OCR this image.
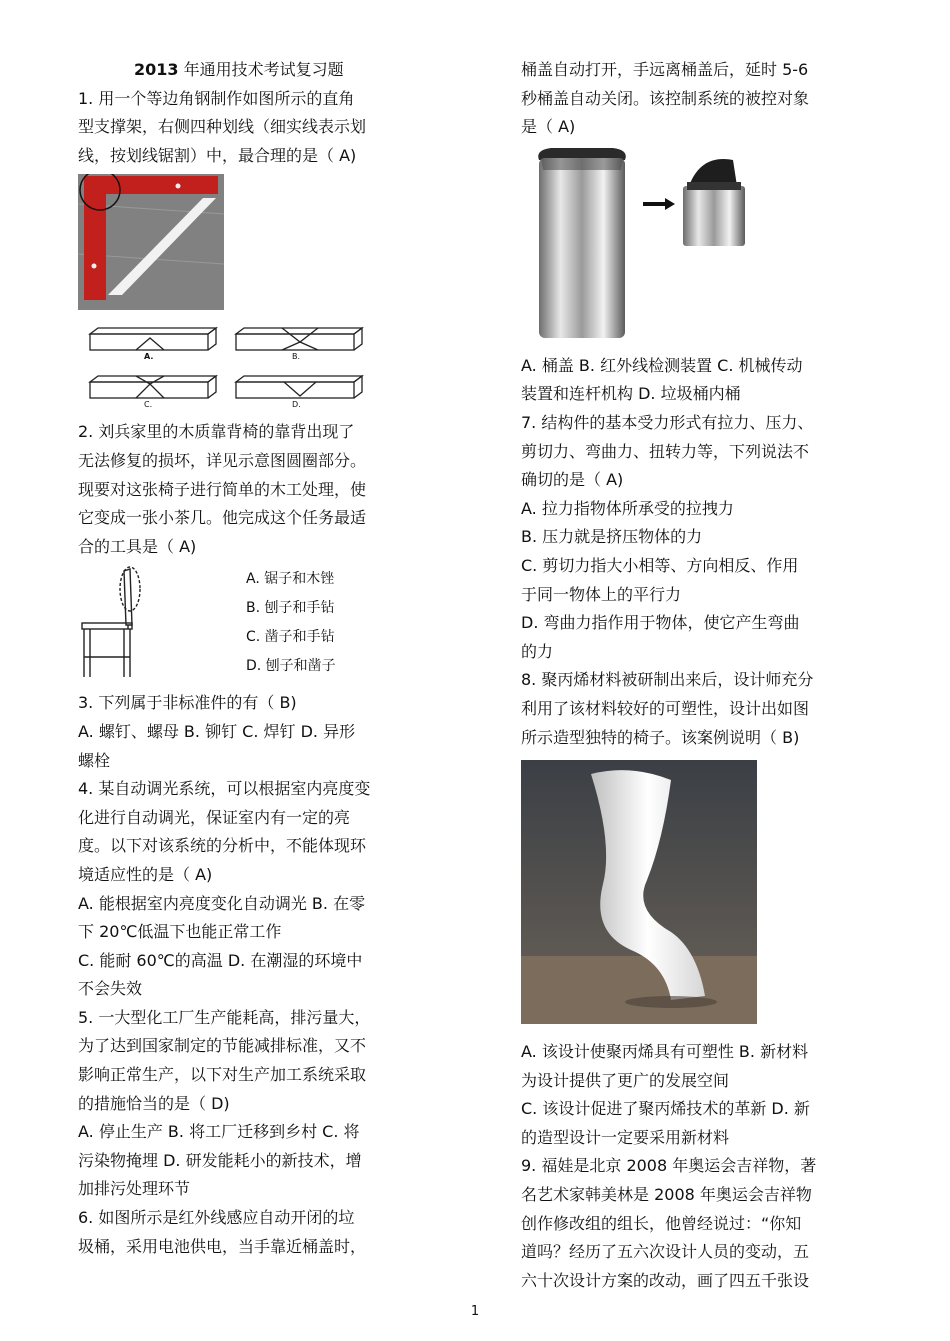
2013 年通用技术考试复习题
1. 用一个等边角钢制作如图所示的直角
型支撑架，右侧四种划线（细实线表示划
线，按划线锯割）中，最合理的是（ A)
A.	B.
C.	D.
2. 刘兵家里的木质靠背椅的靠背出现了
无法修复的损坏，详见示意图圆圈部分。
现要对这张椅子进行简单的木工处理，使
它变成一张小茶几。他完成这个任务最适
合的工具是（ A)
A. 锯子和木锉
B. 刨子和手钻
C. 凿子和手钻
D. 刨子和凿子
3. 下列属于非标准件的有（ B)
A. 螺钉、螺母 B. 铆钉 C. 焊钉 D. 异形
螺栓
4. 某自动调光系统，可以根据室内亮度变
化进行自动调光，保证室内有一定的亮
度。以下对该系统的分析中，不能体现环
境适应性的是（ A)
A. 能根据室内亮度变化自动调光 B. 在零
下 20℃低温下也能正常工作
C. 能耐 60℃的高温 D. 在潮湿的环境中
不会失效
5. 一大型化工厂生产能耗高，排污量大，
为了达到国家制定的节能减排标准，又不
影响正常生产，以下对生产加工系统采取
的措施恰当的是（ D)
A. 停止生产 B. 将工厂迁移到乡村 C. 将
污染物掩埋 D. 研发能耗小的新技术，增
加排污处理环节
6. 如图所示是红外线感应自动开闭的垃
圾桶，采用电池供电，当手靠近桶盖时，
桶盖自动打开，手远离桶盖后，延时 5-6
秒桶盖自动关闭。该控制系统的被控对象
是（ A)
A. 桶盖 B. 红外线检测装置 C. 机械传动
装置和连杆机构 D. 垃圾桶内桶
7. 结构件的基本受力形式有拉力、压力、
剪切力、弯曲力、扭转力等，下列说法不
确切的是（ A)
A. 拉力指物体所承受的拉拽力
B. 压力就是挤压物体的力
C. 剪切力指大小相等、方向相反、作用
于同一物体上的平行力
D. 弯曲力指作用于物体，使它产生弯曲
的力
8. 聚丙烯材料被研制出来后，设计师充分
利用了该材料较好的可塑性，设计出如图
所示造型独特的椅子。该案例说明（ B)
A. 该设计使聚丙烯具有可塑性 B. 新材料
为设计提供了更广的发展空间
C. 该设计促进了聚丙烯技术的革新 D. 新
的造型设计一定要采用新材料
9. 福娃是北京 2008 年奥运会吉祥物，著
名艺术家韩美林是 2008 年奥运会吉祥物
创作修改组的组长，他曾经说过：“你知
道吗？经历了五六次设计人员的变动，五
六十次设计方案的改动，画了四五千张设
1
